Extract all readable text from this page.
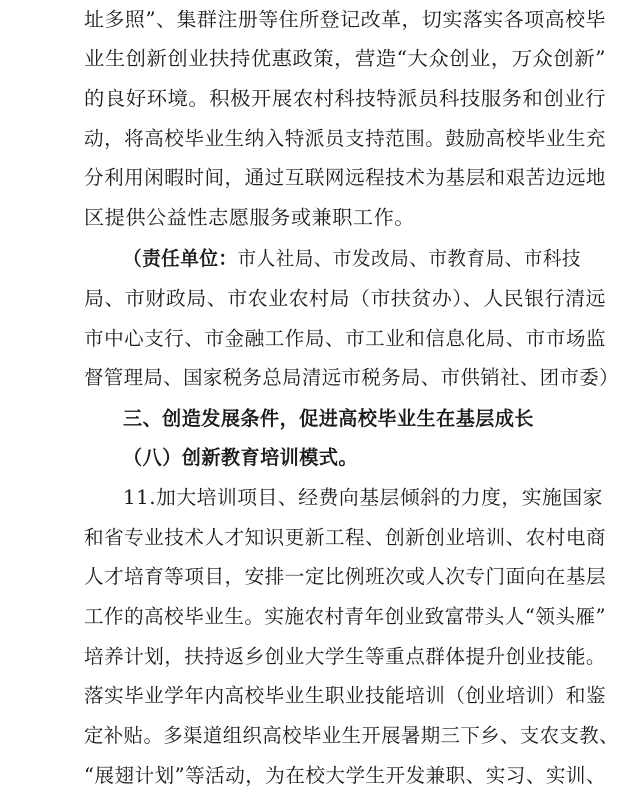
址多照”、集群注册等住所登记改革，切实落实各项高校毕
业生创新创业扶持优惠政策，营造“大众创业，万众创新”
的良好环境。积极开展农村科技特派员科技服务和创业行
动，将高校毕业生纳入特派员支持范围。鼓励高校毕业生充
分利用闲暇时间，通过互联网远程技术为基层和艰苦边远地
区提供公益性志愿服务或兼职工作。
（责任单位：市人社局、市发改局、市教育局、市科技
局、市财政局、市农业农村局（市扶贫办）、人民银行清远
市中心支行、市金融工作局、市工业和信息化局、市市场监
督管理局、国家税务总局清远市税务局、市供销社、团市委）
三、创造发展条件，促进高校毕业生在基层成长
（八）创新教育培训模式。
11.加大培训项目、经费向基层倾斜的力度，实施国家
和省专业技术人才知识更新工程、创新创业培训、农村电商
人才培育等项目，安排一定比例班次或人次专门面向在基层
工作的高校毕业生。实施农村青年创业致富带头人“领头雁”
培养计划，扶持返乡创业大学生等重点群体提升创业技能。
落实毕业学年内高校毕业生职业技能培训（创业培训）和鉴
定补贴。多渠道组织高校毕业生开展暑期三下乡、支农支教、
“展翅计划”等活动，为在校大学生开发兼职、实习、实训、
